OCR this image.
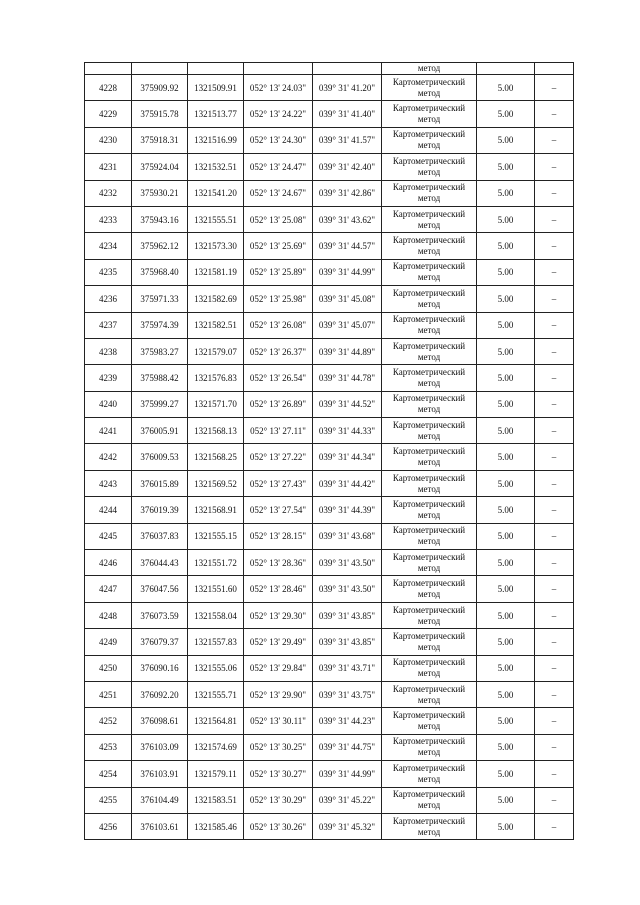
					метод		

4228	375909.92	1321509.91	052° 13' 24.03"	039° 31' 41.20"	Картометрический
метод	5.00	–
4229	375915.78	1321513.77	052° 13' 24.22"	039° 31' 41.40"	Картометрический
метод	5.00	–
4230	375918.31	1321516.99	052° 13' 24.30"	039° 31' 41.57"	Картометрический
метод	5.00	–
4231	375924.04	1321532.51	052° 13' 24.47"	039° 31' 42.40"	Картометрический
метод	5.00	–
4232	375930.21	1321541.20	052° 13' 24.67"	039° 31' 42.86"	Картометрический
метод	5.00	–
4233	375943.16	1321555.51	052° 13' 25.08"	039° 31' 43.62"	Картометрический
метод	5.00	–
4234	375962.12	1321573.30	052° 13' 25.69"	039° 31' 44.57"	Картометрический
метод	5.00	–
4235	375968.40	1321581.19	052° 13' 25.89"	039° 31' 44.99"	Картометрический
метод	5.00	–
4236	375971.33	1321582.69	052° 13' 25.98"	039° 31' 45.08"	Картометрический
метод	5.00	–
4237	375974.39	1321582.51	052° 13' 26.08"	039° 31' 45.07"	Картометрический
метод	5.00	–
4238	375983.27	1321579.07	052° 13' 26.37"	039° 31' 44.89"	Картометрический
метод	5.00	–
4239	375988.42	1321576.83	052° 13' 26.54"	039° 31' 44.78"	Картометрический
метод	5.00	–
4240	375999.27	1321571.70	052° 13' 26.89"	039° 31' 44.52"	Картометрический
метод	5.00	–
4241	376005.91	1321568.13	052° 13' 27.11"	039° 31' 44.33"	Картометрический
метод	5.00	–
4242	376009.53	1321568.25	052° 13' 27.22"	039° 31' 44.34"	Картометрический
метод	5.00	–
4243	376015.89	1321569.52	052° 13' 27.43"	039° 31' 44.42"	Картометрический
метод	5.00	–
4244	376019.39	1321568.91	052° 13' 27.54"	039° 31' 44.39"	Картометрический
метод	5.00	–
4245	376037.83	1321555.15	052° 13' 28.15"	039° 31' 43.68"	Картометрический
метод	5.00	–
4246	376044.43	1321551.72	052° 13' 28.36"	039° 31' 43.50"	Картометрический
метод	5.00	–
4247	376047.56	1321551.60	052° 13' 28.46"	039° 31' 43.50"	Картометрический
метод	5.00	–
4248	376073.59	1321558.04	052° 13' 29.30"	039° 31' 43.85"	Картометрический
метод	5.00	–
4249	376079.37	1321557.83	052° 13' 29.49"	039° 31' 43.85"	Картометрический
метод	5.00	–
4250	376090.16	1321555.06	052° 13' 29.84"	039° 31' 43.71"	Картометрический
метод	5.00	–
4251	376092.20	1321555.71	052° 13' 29.90"	039° 31' 43.75"	Картометрический
метод	5.00	–
4252	376098.61	1321564.81	052° 13' 30.11"	039° 31' 44.23"	Картометрический
метод	5.00	–
4253	376103.09	1321574.69	052° 13' 30.25"	039° 31' 44.75"	Картометрический
метод	5.00	–
4254	376103.91	1321579.11	052° 13' 30.27"	039° 31' 44.99"	Картометрический
метод	5.00	–
4255	376104.49	1321583.51	052° 13' 30.29"	039° 31' 45.22"	Картометрический
метод	5.00	–
4256	376103.61	1321585.46	052° 13' 30.26"	039° 31' 45.32"	Картометрический
метод	5.00	–
